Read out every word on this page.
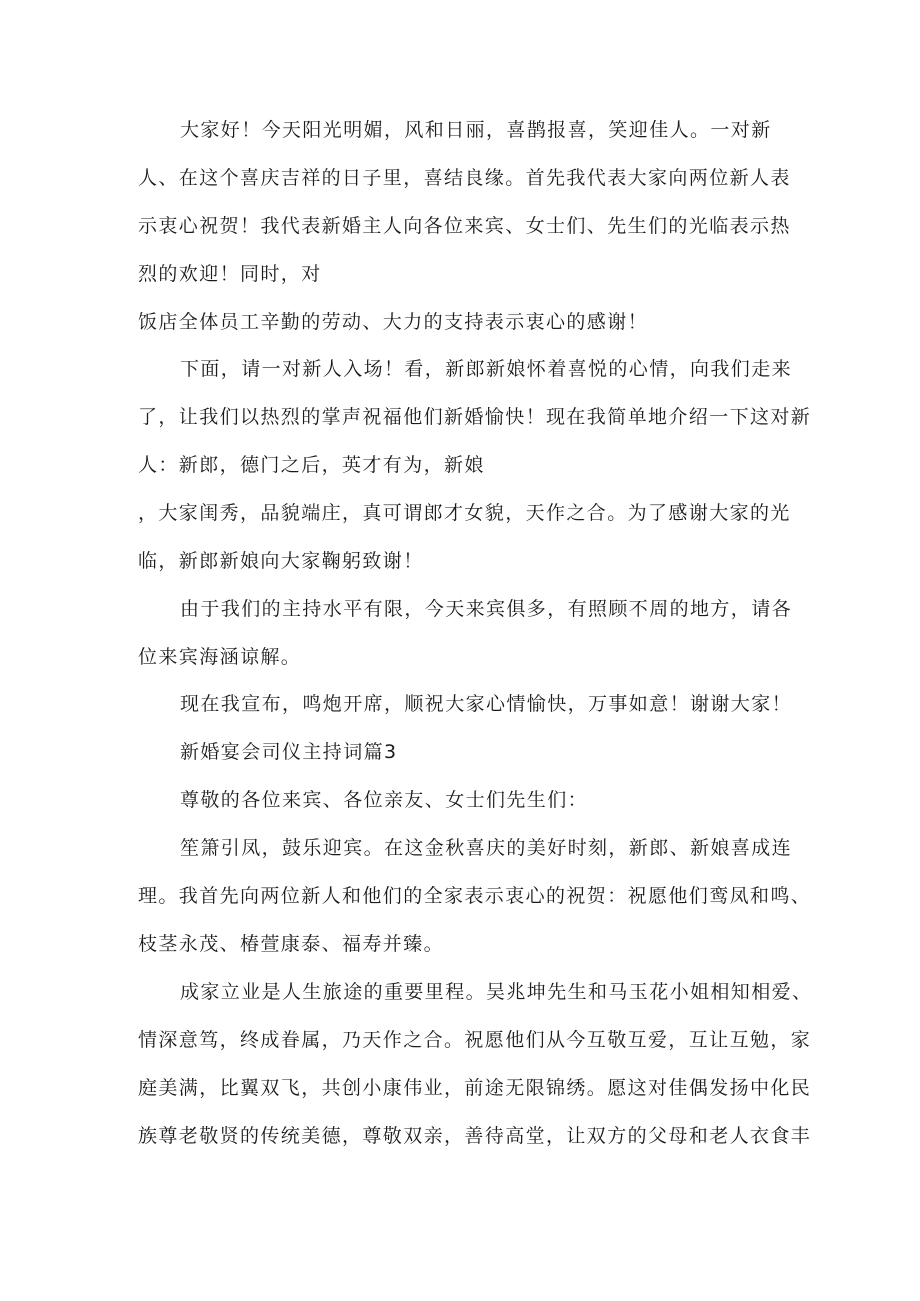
大家好！今天阳光明媚，风和日丽，喜鹊报喜，笑迎佳人。一对新
人、在这个喜庆吉祥的日子里，喜结良缘。首先我代表大家向两位新人表
示衷心祝贺！我代表新婚主人向各位来宾、女士们、先生们的光临表示热
烈的欢迎！同时，对
饭店全体员工辛勤的劳动、大力的支持表示衷心的感谢！
下面，请一对新人入场！看，新郎新娘怀着喜悦的心情，向我们走来
了，让我们以热烈的掌声祝福他们新婚愉快！现在我简单地介绍一下这对新
人：新郎，德门之后，英才有为，新娘
，大家闺秀，品貌端庄，真可谓郎才女貌，天作之合。为了感谢大家的光
临，新郎新娘向大家鞠躬致谢！
由于我们的主持水平有限，今天来宾俱多，有照顾不周的地方，请各
位来宾海涵谅解。
现在我宣布，鸣炮开席，顺祝大家心情愉快，万事如意！谢谢大家！
新婚宴会司仪主持词篇3
尊敬的各位来宾、各位亲友、女士们先生们：
笙箫引凤，鼓乐迎宾。在这金秋喜庆的美好时刻，新郎、新娘喜成连
理。我首先向两位新人和他们的全家表示衷心的祝贺：祝愿他们鸾凤和鸣、
枝茎永茂、椿萱康泰、福寿并臻。
成家立业是人生旅途的重要里程。吴兆坤先生和马玉花小姐相知相爱、
情深意笃，终成眷属，乃天作之合。祝愿他们从今互敬互爱，互让互勉，家
庭美满，比翼双飞，共创小康伟业，前途无限锦绣。愿这对佳偶发扬中化民
族尊老敬贤的传统美德，尊敬双亲，善待高堂，让双方的父母和老人衣食丰
